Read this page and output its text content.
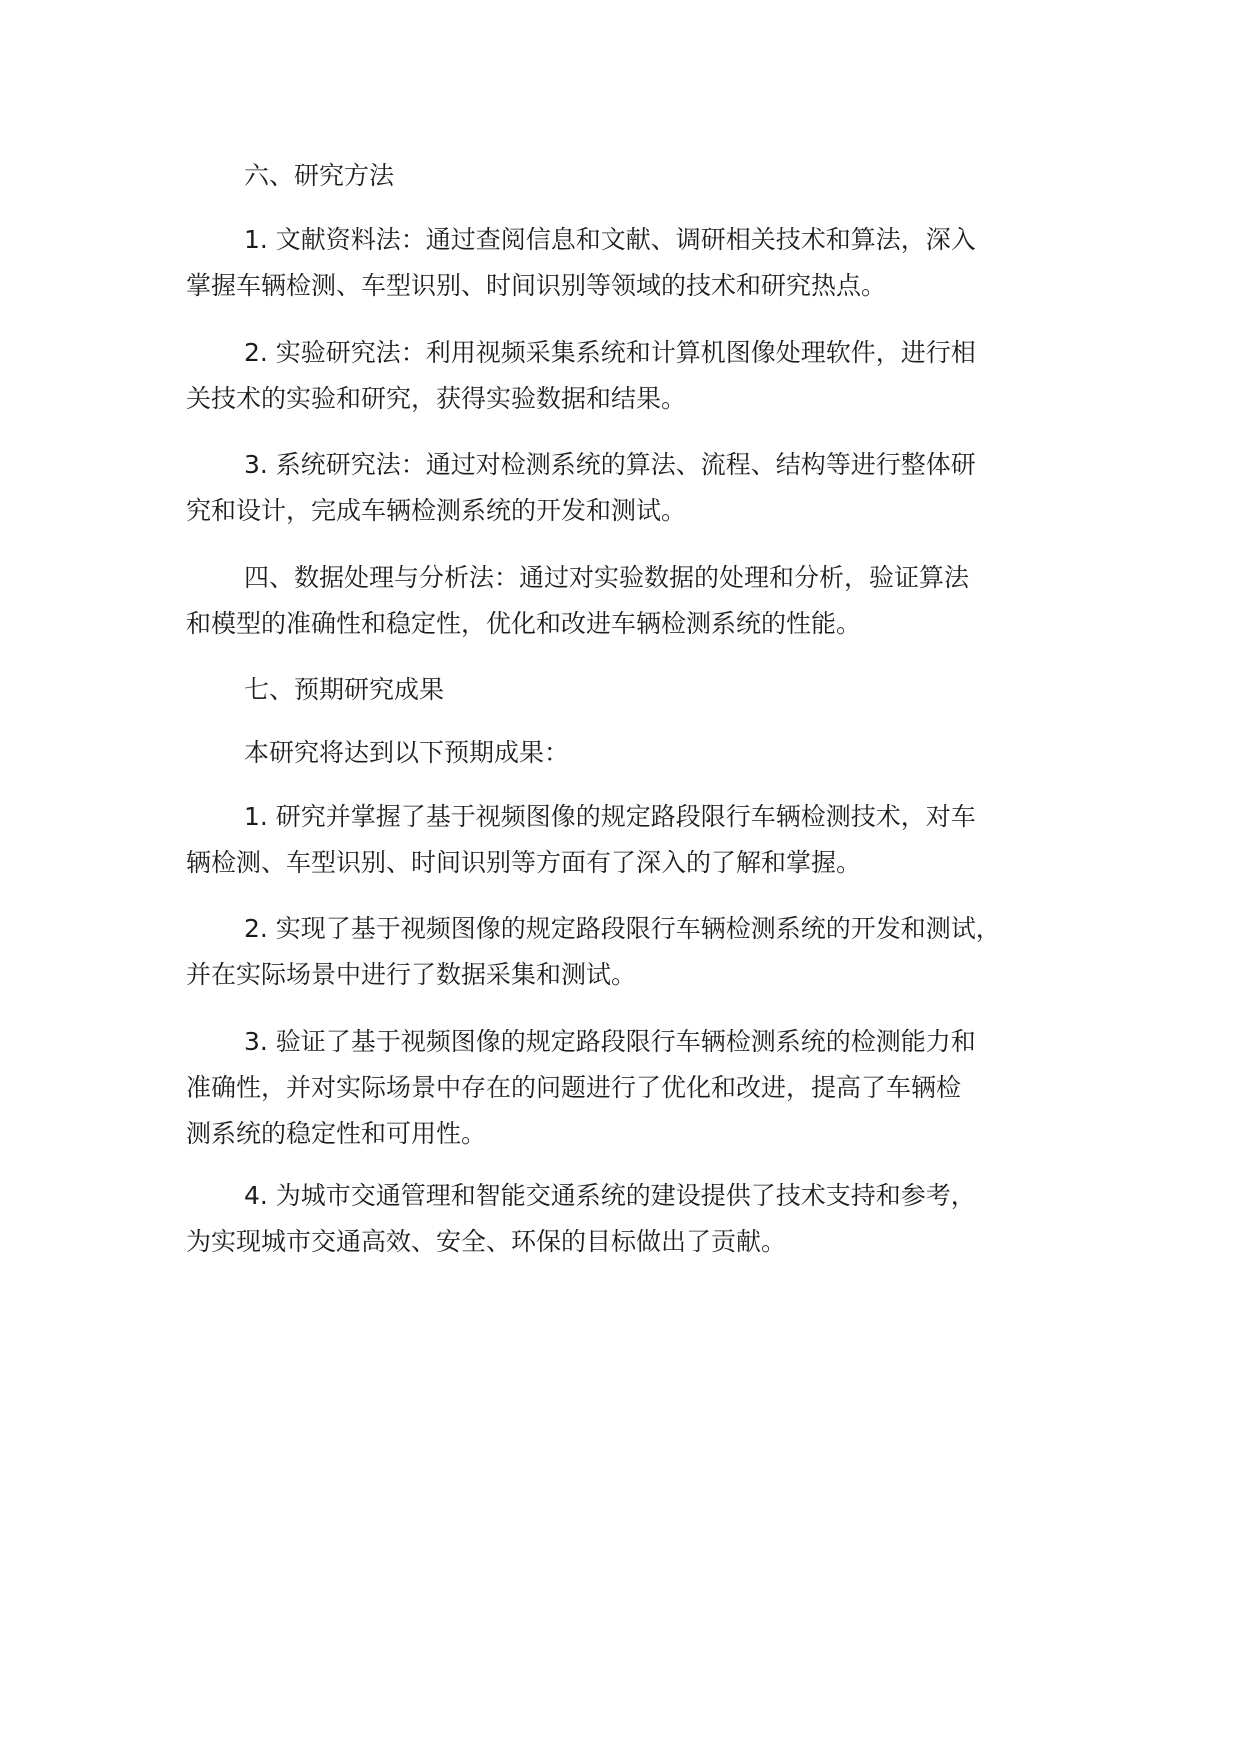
六、研究方法

1. 文献资料法：通过查阅信息和文献、调研相关技术和算法，深入
掌握车辆检测、车型识别、时间识别等领域的技术和研究热点。

2. 实验研究法：利用视频采集系统和计算机图像处理软件，进行相
关技术的实验和研究，获得实验数据和结果。

3. 系统研究法：通过对检测系统的算法、流程、结构等进行整体研
究和设计，完成车辆检测系统的开发和测试。

四、数据处理与分析法：通过对实验数据的处理和分析，验证算法
和模型的准确性和稳定性，优化和改进车辆检测系统的性能。

七、预期研究成果

本研究将达到以下预期成果：

1. 研究并掌握了基于视频图像的规定路段限行车辆检测技术，对车
辆检测、车型识别、时间识别等方面有了深入的了解和掌握。

2. 实现了基于视频图像的规定路段限行车辆检测系统的开发和测试，
并在实际场景中进行了数据采集和测试。

3. 验证了基于视频图像的规定路段限行车辆检测系统的检测能力和
准确性，并对实际场景中存在的问题进行了优化和改进，提高了车辆检
测系统的稳定性和可用性。

4. 为城市交通管理和智能交通系统的建设提供了技术支持和参考，
为实现城市交通高效、安全、环保的目标做出了贡献。
